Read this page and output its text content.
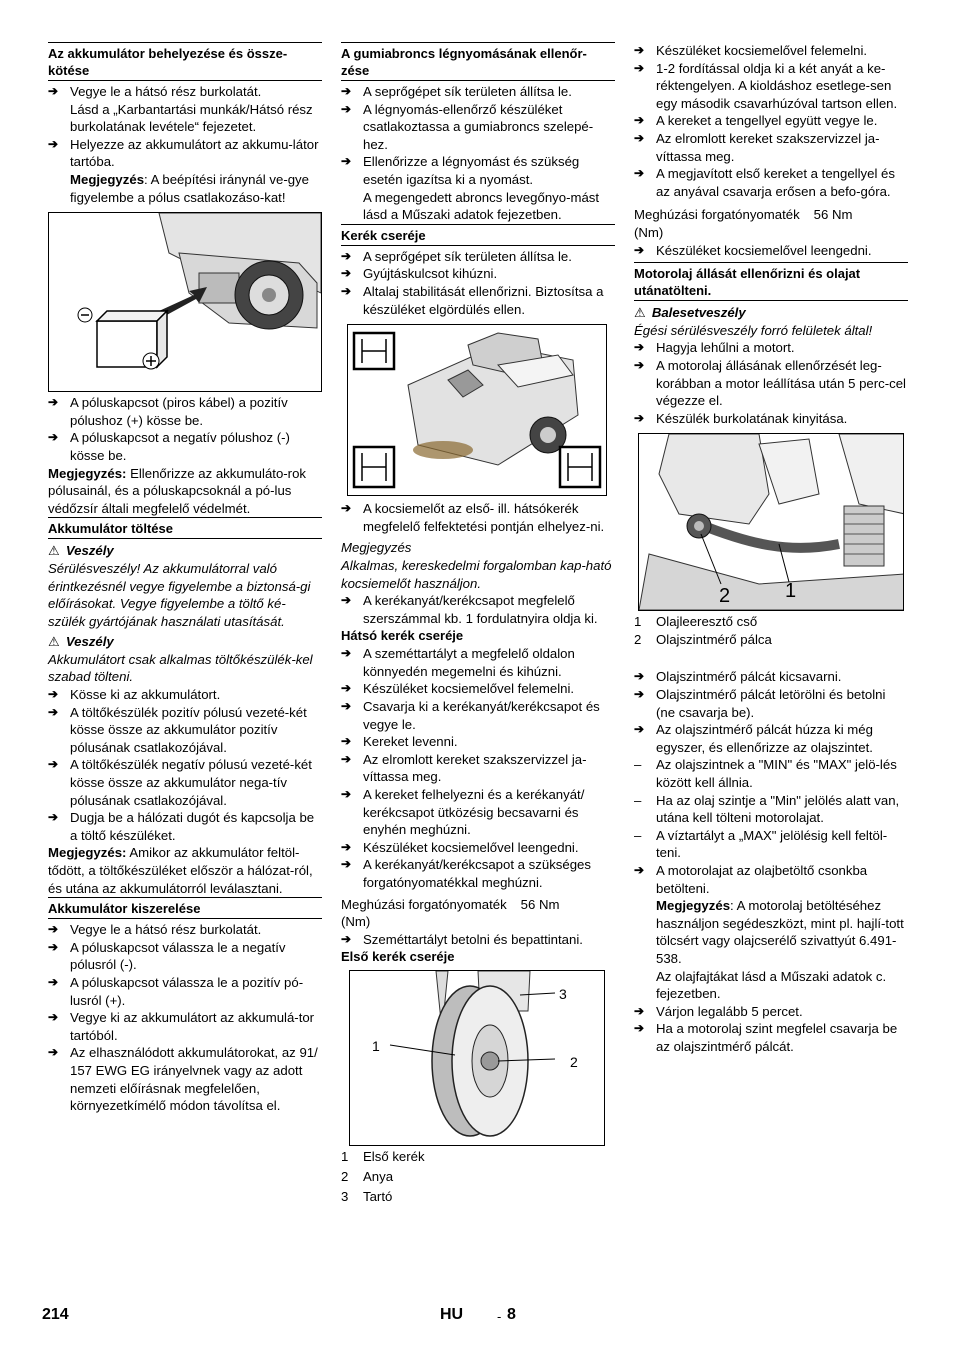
Az akkumulátor behelyezése és össze-kötése
➔ Vegye le a hátsó rész burkolatát.
Lásd a „Karbantartási munkák/Hátsó rész burkolatának levétele“ fejezetet.
➔ Helyezze az akkumulátort az akkumu-látor tartóba.
Megjegyzés: A beépítési iránynál ve-gye figyelembe a pólus csatlakozáso-kat!
➔ A póluskapcsot (piros kábel) a pozitív pólushoz (+) kösse be.
➔ A póluskapcsot a negatív pólushoz (-) kösse be.
Megjegyzés: Ellenőrizze az akkumuláto-rok pólusainál, és a póluskapcsoknál a pó-lus védőzsír általi megfelelő védelmét.
Akkumulátor töltése
⚠ Veszély
Sérülésveszély! Az akkumulátorral való érintkezésnél vegye figyelembe a biztonsá-gi előírásokat. Vegye figyelembe a töltő ké-szülék gyártójának használati utasítását.
⚠ Veszély
Akkumulátort csak alkalmas töltőkészülék-kel szabad tölteni.
➔ Kösse ki az akkumulátort.
➔ A töltőkészülék pozitív pólusú vezeté-két kösse össze az akkumulátor pozitív pólusának csatlakozójával.
➔ A töltőkészülék negatív pólusú vezeté-két kösse össze az akkumulátor nega-tív pólusának csatlakozójával.
➔ Dugja be a hálózati dugót és kapcsolja be a töltő készüléket.
Megjegyzés: Amikor az akkumulátor feltöl-tődött, a töltőkészüléket először a hálózat-ról, és utána az akkumulátorról leválasztani.
Akkumulátor kiszerelése
➔ Vegye le a hátsó rész burkolatát.
➔ A póluskapcsot válassza le a negatív pólusról (-).
➔ A póluskapcsot válassza le a pozitív pó-lusról (+).
➔ Vegye ki az akkumulátort az akkumulá-tor tartóból.
➔ Az elhasználódott akkumulátorokat, az 91/ 157 EWG EG irányelvnek vagy az adott nemzeti előírásnak megfelelően, környezetkímélő módon távolítsa el.
A gumiabroncs légnyomásának ellenőr-zése
➔ A seprőgépet sík területen állítsa le.
➔ A légnyomás-ellenőrző készüléket csatlakoztassa a gumiabroncs szelepé-hez.
➔ Ellenőrizze a légnyomást és szükség esetén igazítsa ki a nyomást.
A megengedett abroncs levegőnyo-mást lásd a Műszaki adatok fejezetben.
Kerék cseréje
➔ A seprőgépet sík területen állítsa le.
➔ Gyújtáskulcsot kihúzni.
➔ Altalaj stabilitását ellenőrizni. Biztosítsa a készüléket elgördülés ellen.
➔ A kocsiemelőt az első- ill. hátsókerék megfelelő felfektetési pontján elhelyez-ni.
Megjegyzés
Alkalmas, kereskedelmi forgalomban kap-ható kocsiemelőt használjon.
➔ A kerékanyát/kerékcsapot megfelelő szerszámmal kb. 1 fordulatnyira oldja ki.
Hátsó kerék cseréje
➔ A szeméttartályt a megfelelő oldalon könnyedén megemelni és kihúzni.
➔ Készüléket kocsiemelővel felemelni.
➔ Csavarja ki a kerékanyát/kerékcsapot és vegye le.
➔ Kereket levenni.
➔ Az elromlott kereket szakszervizzel ja-víttassa meg.
➔ A kereket felhelyezni és a kerékanyát/ kerékcsapot ütközésig becsavarni és enyhén meghúzni.
➔ Készüléket kocsiemelővel leengedni.
➔ A kerékanyát/kerékcsapot a szükséges forgatónyomatékkal meghúzni.
Meghúzási forgatónyomaték 56 Nm
(Nm)
➔ Szeméttartályt betolni és bepattintani.
Első kerék cseréje
1
3
2
1	Első kerék
2	Anya
3	Tartó
➔ Készüléket kocsiemelővel felemelni.
➔ 1-2 fordítással oldja ki a két anyát a ke-réktengelyen. A kioldáshoz esetlege-sen egy második csavarhúzóval tartson ellen.
➔ A kereket a tengellyel együtt vegye le.
➔ Az elromlott kereket szakszervizzel ja-víttassa meg.
➔ A megjavított első kereket a tengellyel és az anyával csavarja erősen a befo-góra.
Meghúzási forgatónyomaték 56 Nm
(Nm)
➔ Készüléket kocsiemelővel leengedni.
Motorolaj állását ellenőrizni és olajat utánatölteni.
⚠ Balesetveszély
Égési sérülésveszély forró felületek által!
➔ Hagyja lehűlni a motort.
➔ A motorolaj állásának ellenőrzését leg-korábban a motor leállítása után 5 perc-cel végezze el.
➔ Készülék burkolatának kinyitása.
2	1
1	Olajleeresztő cső
2	Olajszintmérő pálca
➔ Olajszintmérő pálcát kicsavarni.
➔ Olajszintmérő pálcát letörölni és betolni (ne csavarja be).
➔ Az olajszintmérő pálcát húzza ki még egyszer, és ellenőrizze az olajszintet.
–	Az olajszintnek a "MIN" és "MAX" jelö-lés között kell állnia.
–	Ha az olaj szintje a "Min" jelölés alatt van, utána kell tölteni motorolajat.
–	A víztartályt a „MAX" jelölésig kell feltöl-teni.
➔ A motorolajat az olajbetöltő csonkba betölteni.
Megjegyzés: A motorolaj betöltéséhez használjon segédeszközt, mint pl. hajlí-tott tölcsért vagy olajcserélő szivattyút 6.491-538.
Az olajfajtákat lásd a Műszaki adatok c. fejezetben.
➔ Várjon legalább 5 percet.
➔ Ha a motorolaj szint megfelel csavarja be az olajszintmérő pálcát.
214	HU	- 8
